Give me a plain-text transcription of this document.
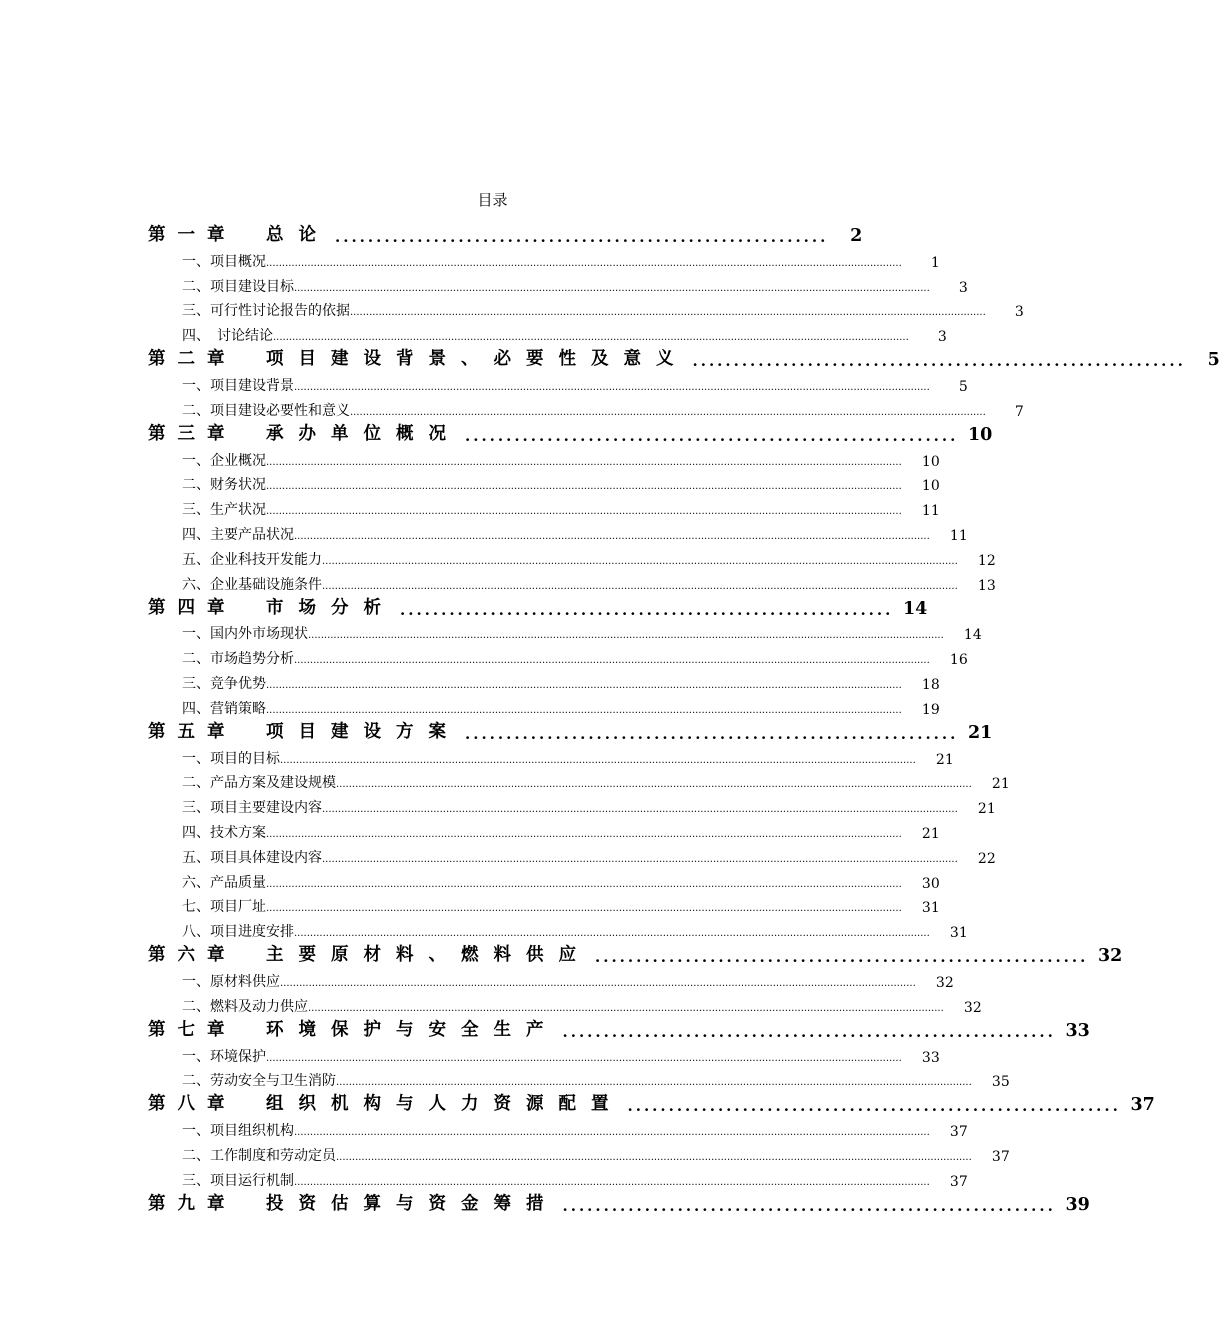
目录
第一章	总论 ............................................................	2
一、项目概况 ........................................................................................................................................................................................................	1
二、项目建设目标 ........................................................................................................................................................................................................	3
三、可行性讨论报告的依据 ........................................................................................................................................................................................................	3
四、　讨论结论 ........................................................................................................................................................................................................	3
第二章	项目建设背景、必要性及意义 ............................................................	5
一、项目建设背景 ........................................................................................................................................................................................................	5
二、项目建设必要性和意义 ........................................................................................................................................................................................................	7
第三章	承办单位概况 ............................................................ 10
一、企业概况 ........................................................................................................................................................................................................	10
二、财务状况 ........................................................................................................................................................................................................	10
三、生产状况 ........................................................................................................................................................................................................	11
四、主要产品状况 ........................................................................................................................................................................................................	11
五、企业科技开发能力 ........................................................................................................................................................................................................	12
六、企业基础设施条件 ........................................................................................................................................................................................................	13
第四章	市场分析 ............................................................ 14
一、国内外市场现状 ........................................................................................................................................................................................................	14
二、市场趋势分析 ........................................................................................................................................................................................................	16
三、竞争优势 ........................................................................................................................................................................................................	18
四、营销策略 ........................................................................................................................................................................................................	19
第五章	项目建设方案 ............................................................ 21
一、项目的目标 ........................................................................................................................................................................................................	21
二、产品方案及建设规模 ........................................................................................................................................................................................................	21
三、项目主要建设内容 ........................................................................................................................................................................................................	21
四、技术方案 ........................................................................................................................................................................................................	21
五、项目具体建设内容 ........................................................................................................................................................................................................	22
六、产品质量 ........................................................................................................................................................................................................	30
七、项目厂址 ........................................................................................................................................................................................................	31
八、项目进度安排 ........................................................................................................................................................................................................	31
第六章	主要原材料、燃料供应 ............................................................ 32
一、原材料供应 ........................................................................................................................................................................................................	32
二、燃料及动力供应 ........................................................................................................................................................................................................	32
第七章	环境保护与安全生产 ............................................................ 33
一、环境保护 ........................................................................................................................................................................................................	33
二、劳动安全与卫生消防 ........................................................................................................................................................................................................	35
第八章	组织机构与人力资源配置 ............................................................ 37
一、项目组织机构 ........................................................................................................................................................................................................	37
二、工作制度和劳动定员 ........................................................................................................................................................................................................	37
三、项目运行机制 ........................................................................................................................................................................................................	37
第九章	投资估算与资金筹措 ............................................................ 39
